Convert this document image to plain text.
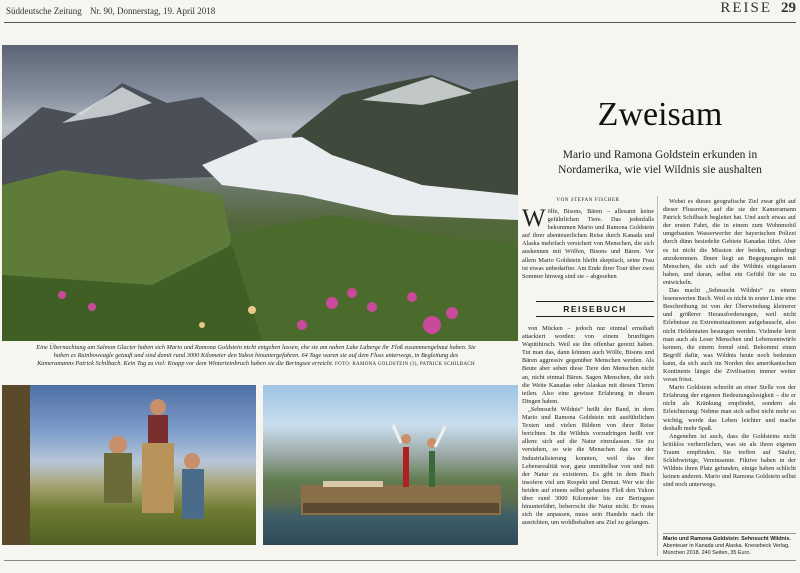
Süddeutsche Zeitung Nr. 90, Donnerstag, 19. April 2018	REISE 29
Eine Übernachtung am Salmon Glacier haben sich Mario und Ramona Goldstein nicht entgehen lassen, ehe sie am nahen Lake Laberge ihr Floß zusammengebaut haben. Sie haben es Rainboweagle getauft und sind damit rund 3000 Kilometer den Yukon hinuntergefahren. 64 Tage waren sie auf dem Fluss unterwegs, in Begleitung des Kameramanns Patrick Schilbach. Kein Tag zu viel: Knapp vor dem Winterteinbruch haben sie die Beringsee erreicht. FOTO: RAMONA GOLDSTEIN (3), PATRICK SCHILBACH
Zweisam
Mario und Ramona Goldstein erkunden in Nordamerika, wie viel Wildnis sie aushalten
VON STEFAN FISCHER
W ölfe, Bisons, Bären – allesamt keine gefährlichen Tiere. Das jedenfalls bekommen Mario und Ramona Goldstein auf ihrer abenteuerlichen Reise durch Kanada und Alaska mehrfach versichert von Menschen, die sich auskennen mit Wölfen, Bisons und Bären. Vor allem Mario Goldstein bleibt skeptisch, seine Frau ist etwas unbedarfter. Am Ende ihrer Tour über zwei Sommer hinweg sind sie – abgesehen
REISEBUCH

von Mücken – jedoch nur einmal ernsthaft attackiert worden: von einem brunftigen Wapitihirsch. Weil sie ihn offenbar gereizt haben. Tut man das, dann können auch Wölfe, Bisons und Bären aggressiv gegenüber Menschen werden. Als Beute aber sehen diese Tiere den Menschen nicht an, nicht einmal Bären. Sagen Menschen, die sich die Weite Kanadas oder Alaskas mit diesen Tieren teilen. Also eine gewisse Erfahrung in diesen Dingen haben.

„Sehnsucht Wildnis“ heißt der Band, in dem Mario und Ramona Goldstein mit ausführlichen Texten und vielen Bildern von ihrer Reise berichten. In die Wildnis vorzudringen heißt vor allem: sich auf die Natur einzulassen. Sie zu verstehen, so wie die Menschen das vor der Industrialisierung konnten, weil das ihre Lebensrealität war, ganz unmittelbar von und mit der Natur zu existieren. Es gibt in dem Buch insofern viel um Respekt und Demut. Wer wie die beiden auf einem selbst gebauten Floß den Yukon über rund 3000 Kilometer bis zur Beringsee hinunterfährt, beherrscht die Natur nicht. Er muss sich ihr anpassen, muss sein Handeln nach ihr ausrichten, um wohlbehalten ans Ziel zu gelangen.

Wobei es dieses geografische Ziel zwar gibt auf dieser Flussreise, auf die sie der Kameramann Patrick Schilbach begleitet hat. Und auch etwas auf der ersten Fahrt, die in einem zum Wohnmobil umgebauten Wasserwerfer der bayerischen Polizei durch dünn besiedelte Gebiete Kanadas führt. Aber es ist nicht die Mission der beiden, unbedingt anzukommen. Ihnen liegt an Begegnungen mit Menschen, die sich auf die Wildnis eingelassen haben, und daran, selbst ein Gefühl für sie zu entwickeln.

Das macht „Sehnsucht Wildnis“ zu einem lesenswerten Buch. Weil es nicht in erster Linie eine Beschreibung ist von der Überwindung kleinerer und größerer Herausforderungen, weil nicht Erlebnisse zu Extremsituationen aufgebauscht, also nicht Heldentaten besungen werden. Vielmehr lernt man auch als Leser Menschen und Lebensentwürfe kennen, die einem fremd sind. Bekommt einen Begriff dafür, was Wildnis heute noch bedeuten kann, da sich auch im Norden des amerikanischen Kontinents längst die Zivilisation immer weiter voran frisst.

Mario Goldstein schreibt an einer Stelle von der Erfahrung der eigenen Bedeutungslosigkeit – die er nicht als Kränkung empfindet, sondern als Erleichterung: Nehme man sich selbst nicht mehr so wichtig, werde das Leben leichter und mache deshalb mehr Spaß.

Angenehm ist auch, dass die Goldsteins nicht kritiklos verherrlichen, was sie als ihren eigenen Traum empfinden. Sie treffen auf Säufer, Schlebwirtige, Vereinsamte. Fiktive haben in der Wildnis ihren Platz gefunden, einige haben schlicht keinen anderen. Mario und Ramona Goldstein selbst sind noch unterwegs.

Mario und Ramona Goldstein: Sehnsucht Wildnis. Abenteuer in Kanada und Alaska. Knesebeck Verlag, München 2018. 240 Seiten, 35 Euro.
